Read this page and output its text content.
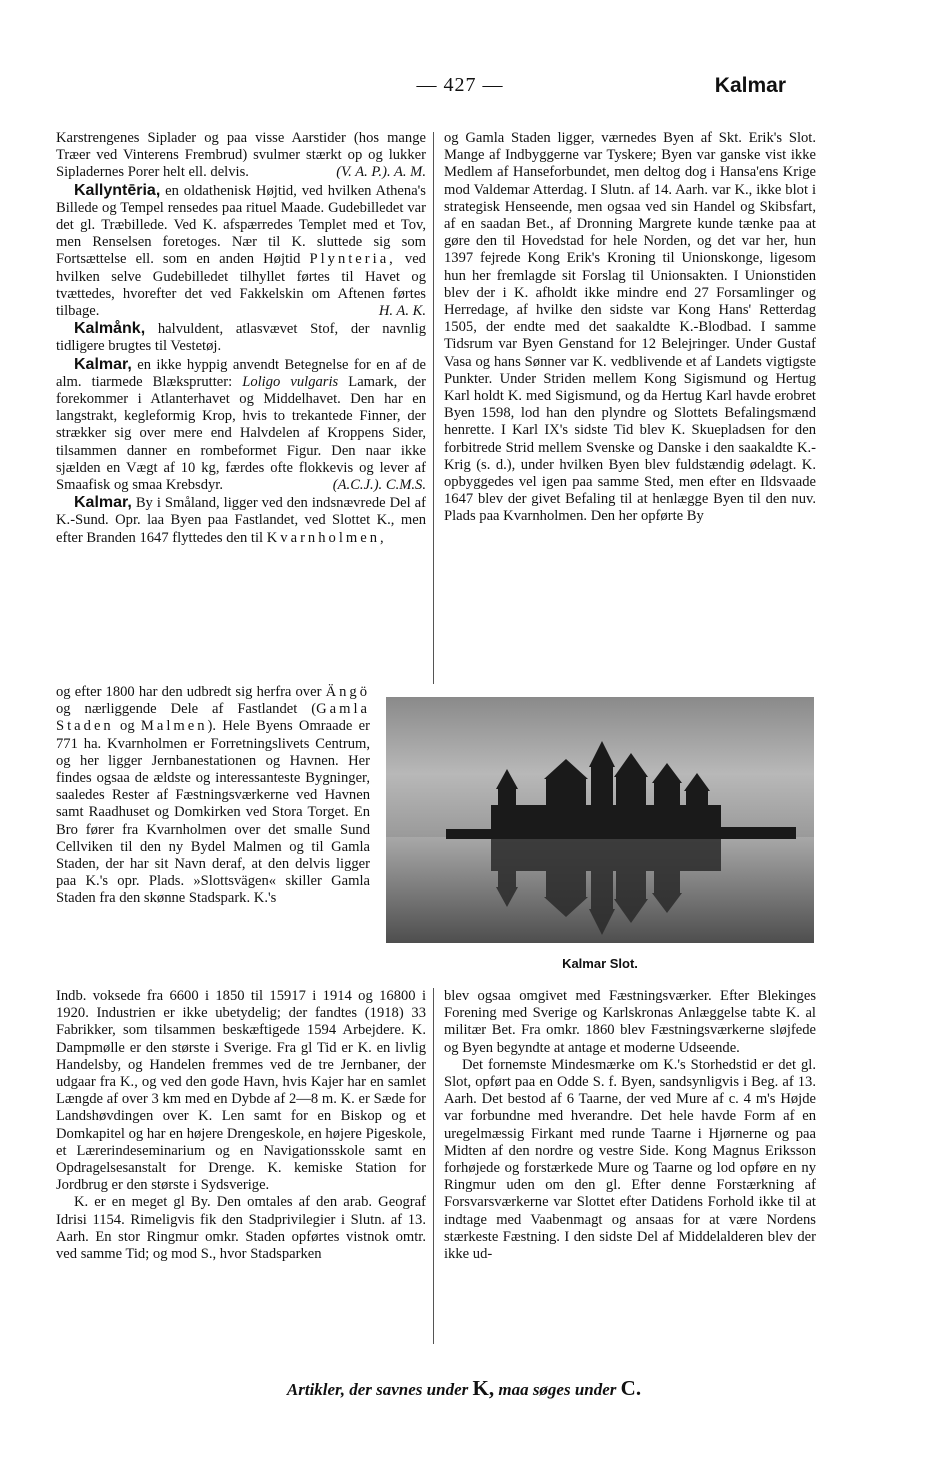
— 427 —	Kalmar

Karstrengenes Siplader og paa visse Aarstider (hos mange Træer ved Vinterens Frembrud) svulmer stærkt op og lukker Sipladernes Porer helt ell. delvis.	(V. A. P.). A. M.

Kallyntēria, en oldathenisk Højtid, ved hvilken Athena's Billede og Tempel rensedes paa rituel Maade. Gudebilledet var det gl. Træbillede. Ved K. afspærredes Templet med et Tov, men Renselsen foretoges. Nær til K. sluttede sig som Fortsættelse ell. som en anden Højtid Plynteria, ved hvilken selve Gudebilledet tilhyllet førtes til Havet og tvættedes, hvorefter det ved Fakkelskin om Aftenen førtes tilbage.	H. A. K.

Kalmånk, halvuldent, atlasvævet Stof, der navnlig tidligere brugtes til Vestetøj.

Kalmar, en ikke hyppig anvendt Betegnelse for en af de alm. tiarmede Blæksprutter: Loligo vulgaris Lamark, der forekommer i Atlanterhavet og Middelhavet. Den har en langstrakt, kegleformig Krop, hvis to trekantede Finner, der strækker sig over mere end Halvdelen af Kroppens Sider, tilsammen danner en rombeformet Figur. Den naar ikke sjælden en Vægt af 10 kg, færdes ofte flokkevis og lever af Smaafisk og smaa Krebsdyr.	(A.C.J.). C.M.S.

Kalmar, By i Småland, ligger ved den indsnævrede Del af K.-Sund. Opr. laa Byen paa Fastlandet, ved Slottet K., men efter Branden 1647 flyttedes den til Kvarnholmen,

og efter 1800 har den udbredt sig herfra over Ängö og nærliggende Dele af Fastlandet (Gamla Staden og Malmen). Hele Byens Omraade er 771 ha. Kvarnholmen er Forretningslivets Centrum, og her ligger Jernbanestationen og Havnen. Her findes ogsaa de ældste og interessanteste Bygninger, saaledes Rester af Fæstningsværkerne ved Havnen samt Raadhuset og Domkirken ved Stora Torget. En Bro fører fra Kvarnholmen over det smalle Sund Cellviken til den ny Bydel Malmen og til Gamla Staden, der har sit Navn deraf, at den delvis ligger paa K.'s opr. Plads. »Slottsvägen« skiller Gamla Staden fra den skønne Stadspark. K.'s

Indb. voksede fra 6600 i 1850 til 15917 i 1914 og 16800 i 1920. Industrien er ikke ubetydelig; der fandtes (1918) 33 Fabrikker, som tilsammen beskæftigede 1594 Arbejdere. K. Dampmølle er den største i Sverige. Fra gl Tid er K. en livlig Handelsby, og Handelen fremmes ved de tre Jernbaner, der udgaar fra K., og ved den gode Havn, hvis Kajer har en samlet Længde af over 3 km med en Dybde af 2—8 m. K. er Sæde for Landshøvdingen over K. Len samt for en Biskop og et Domkapitel og har en højere Drengeskole, en højere Pigeskole, et Lærerindeseminarium og en Navigationsskole samt en Opdragelsesanstalt for Drenge. K. kemiske Station for Jordbrug er den største i Sydsverige.

K. er en meget gl By. Den omtales af den arab. Geograf Idrisi 1154. Rimeligvis fik den Stadprivilegier i Slutn. af 13. Aarh. En stor Ringmur omkr. Staden opførtes vistnok omtr. ved samme Tid; og mod S., hvor Stadsparken

og Gamla Staden ligger, værnedes Byen af Skt. Erik's Slot. Mange af Indbyggerne var Tyskere; Byen var ganske vist ikke Medlem af Hanseforbundet, men deltog dog i Hansa'ens Krige mod Valdemar Atterdag. I Slutn. af 14. Aarh. var K., ikke blot i strategisk Henseende, men ogsaa ved sin Handel og Skibsfart, af en saadan Bet., af Dronning Margrete kunde tænke paa at gøre den til Hovedstad for hele Norden, og det var her, hun 1397 fejrede Kong Erik's Kroning til Unionskonge, ligesom hun her fremlagde sit Forslag til Unionsakten. I Unionstiden blev der i K. afholdt ikke mindre end 27 Forsamlinger og Herredage, af hvilke den sidste var Kong Hans' Retterdag 1505, der endte med det saakaldte K.-Blodbad. I samme Tidsrum var Byen Genstand for 12 Belejringer. Under Gustaf Vasa og hans Sønner var K. vedblivende et af Landets vigtigste Punkter. Under Striden mellem Kong Sigismund og Hertug Karl holdt K. med Sigismund, og da Hertug Karl havde erobret Byen 1598, lod han den plyndre og Slottets Befalingsmænd henrette. I Karl IX's sidste Tid blev K. Skuepladsen for den forbitrede Strid mellem Svenske og Danske i den saakaldte K.-Krig (s. d.), under hvilken Byen blev fuldstændig ødelagt. K. opbyggedes vel igen paa samme Sted, men efter en Ildsvaade 1647 blev der givet Befaling til at henlægge Byen til den nuv. Plads paa Kvarnholmen. Den her opførte By

Kalmar Slot.

blev ogsaa omgivet med Fæstningsværker. Efter Blekinges Forening med Sverige og Karlskronas Anlæggelse tabte K. al militær Bet. Fra omkr. 1860 blev Fæstningsværkerne sløjfede og Byen begyndte at antage et moderne Udseende.

Det fornemste Mindesmærke om K.'s Storhedstid er det gl. Slot, opført paa en Odde S. f. Byen, sandsynligvis i Beg. af 13. Aarh. Det bestod af 6 Taarne, der ved Mure af c. 4 m's Højde var forbundne med hverandre. Det hele havde Form af en uregelmæssig Firkant med runde Taarne i Hjørnerne og paa Midten af den nordre og vestre Side. Kong Magnus Eriksson forhøjede og forstærkede Mure og Taarne og lod opføre en ny Ringmur uden om den gl. Efter denne Forstærkning af Forsvarsværkerne var Slottet efter Datidens Forhold ikke til at indtage med Vaabenmagt og ansaas for at være Nordens stærkeste Fæstning. I den sidste Del af Middelalderen blev der ikke ud-

Artikler, der savnes under K, maa søges under C.
